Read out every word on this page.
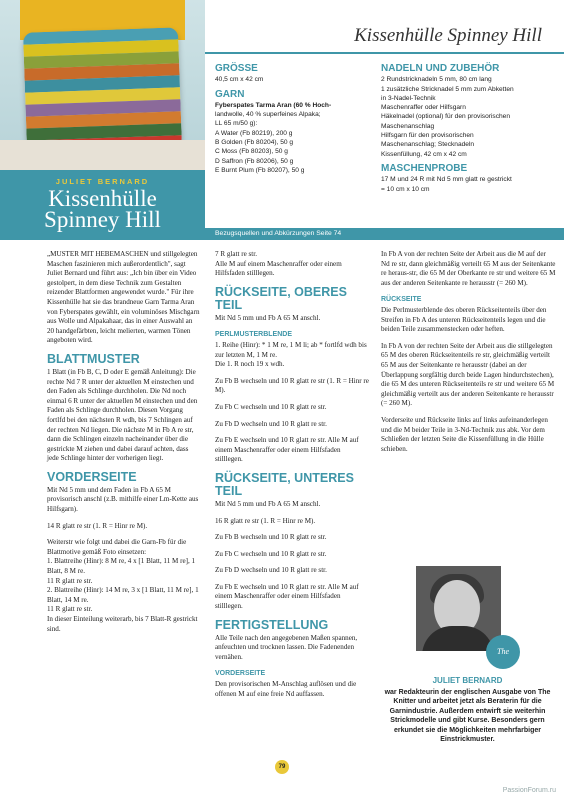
JULIET BERNARD
Kissenhülle
Spinney Hill
Kissenhülle Spinney Hill
GRÖSSE
40,5 cm x 42 cm
GARN
Fyberspates Tarma Aran (60 % Hoch-
landwolle, 40 % superfeines Alpaka;
LL 65 m/50 g):
A Water (Fb 80219), 200 g
B Golden (Fb 80204), 50 g
C Moss (Fb 80203), 50 g
D Saffron (Fb 80206), 50 g
E Burnt Plum (Fb 80207), 50 g
NADELN UND ZUBEHÖR
2 Rundstricknadeln 5 mm, 80 cm lang
1 zusätzliche Stricknadel 5 mm zum Abketten
in 3-Nadel-Technik
Maschenraffer oder Hilfsgarn
Häkelnadel (optional) für den provisorischen
Maschenanschlag
Hilfsgarn für den provisorischen
Maschenanschlag; Stecknadeln
Kissenfüllung, 42 cm x 42 cm
MASCHENPROBE
17 M und 24 R mit Nd 5 mm glatt re gestrickt
= 10 cm x 10 cm
Bezugsquellen und Abkürzungen Seite 74

„MUSTER MIT HEBEMASCHEN und stillgelegten Maschen faszinieren mich außerordentlich", sagt Juliet Bernard und führt aus: „Ich bin über ein Video gestolpert, in dem diese Technik zum Gestalten reizender Blattformen angewendet wurde." Für ihre Kissenhülle hat sie das brandneue Garn Tarma Aran von Fyberspates gewählt, ein voluminöses Mischgarn aus Wolle und Alpakahaar, das in einer Auswahl an 20 handgefärbten, leicht melierten, warmen Tönen angeboten wird.

BLATTMUSTER

1 Blatt (in Fb B, C, D oder E gemäß Anleitung): Die rechte Nd 7 R unter der aktuellen M einstechen und den Faden als Schlinge durchholen. Die Nd noch einmal 6 R unter der aktuellen M einstechen und den Faden als Schlinge durchholen. Diesen Vorgang fortlfd bei den nächsten R wdh, bis 7 Schlingen auf der rechten Nd liegen. Die nächste M in Fb A re str, dann die Schlingen einzeln nacheinander über die gestrickte M ziehen und dabei darauf achten, dass jede Schlinge hinter der vorherigen liegt.

VORDERSEITE

Mit Nd 5 mm und dem Faden in Fb A 65 M provisorisch anschl (z.B. mithilfe einer Lm-Kette aus Hilfsgarn).

14 R glatt re str (1. R = Hinr re M).

Weiterstr wie folgt und dabei die Garn-Fb für die Blattmotive gemäß Foto einsetzen:

1. Blattreihe (Hinr): 8 M re, 4 x [1 Blatt, 11 M re], 1 Blatt, 8 M re.
11 R glatt re str.
2. Blattreihe (Hinr): 14 M re, 3 x [1 Blatt, 11 M re], 1 Blatt, 14 M re.
11 R glatt re str.
In dieser Einteilung weiterarb, bis 7 Blatt-R gestrickt sind.
7 R glatt re str.

Alle M auf einem Maschenraffer oder einem Hilfsfaden stilllegen.

RÜCKSEITE, OBERES TEIL

Mit Nd 5 mm und Fb A 65 M anschl.

PERLMUSTERBLENDE
1. Reihe (Hinr): * 1 M re, 1 M li; ab * fortlfd wdh bis zur letzten M, 1 M re.

Die 1. R noch 19 x wdh.

Zu Fb B wechseln und 10 R glatt re str (1. R = Hinr re M).

Zu Fb C wechseln und 10 R glatt re str.

Zu Fb D wechseln und 10 R glatt re str.

Zu Fb E wechseln und 10 R glatt re str. Alle M auf einem Maschenraffer oder einem Hilfsfaden stilllegen.

RÜCKSEITE, UNTERES TEIL

Mit Nd 5 mm und Fb A 65 M anschl.

16 R glatt re str (1. R = Hinr re M).

Zu Fb B wechseln und 10 R glatt re str.

Zu Fb C wechseln und 10 R glatt re str.

Zu Fb D wechseln und 10 R glatt re str.

Zu Fb E wechseln und 10 R glatt re str. Alle M auf einem Maschenraffer oder einem Hilfsfaden stilllegen.

FERTIGSTELLUNG

Alle Teile nach den angegebenen Maßen spannen, anfeuchten und trocknen lassen. Die Fadenenden vernähen.

VORDERSEITE
Den provisorischen M-Anschlag auflösen und die offenen M auf eine freie Nd auffassen.

In Fb A von der rechten Seite der Arbeit aus die M auf der Nd re str, dann gleichmäßig verteilt 65 M aus der Seitenkante re heraus-str, die 65 M der Oberkante re str und weitere 65 M aus der anderen Seitenkante re herausstr (= 260 M).

RÜCKSEITE

Die Perlmusterblende des oberen Rückseitenteils über den Streifen in Fb A des unteren Rückseitenteils legen und die beiden Teile zusammenstecken oder heften.

In Fb A von der rechten Seite der Arbeit aus die stillgelegten 65 M des oberen Rückseitenteils re str, gleichmäßig verteilt 65 M aus der Seitenkante re herausstr (dabei an der Überlappung sorgfältig durch beide Lagen hindurchstechen), die 65 M des unteren Rückseitenteils re str und weitere 65 M gleichmäßig verteilt aus der anderen Seitenkante re herausstr (= 260 M).

Vorderseite und Rückseite links auf links aufeinanderlegen und die M beider Teile in 3-Nd-Technik zus abk. Vor dem Schließen der letzten Seite die Kissenfüllung in die Hülle schieben.

The Knitter
JULIET BERNARD
war Redakteurin der englischen Ausgabe von The Knitter und arbeitet jetzt als Beraterin für die Garnindustrie. Außerdem entwirft sie weiterhin Strickmodelle und gibt Kurse. Besonders gern erkundet sie die Möglichkeiten mehrfarbiger Einstrickmuster.
79
PassionForum.ru
